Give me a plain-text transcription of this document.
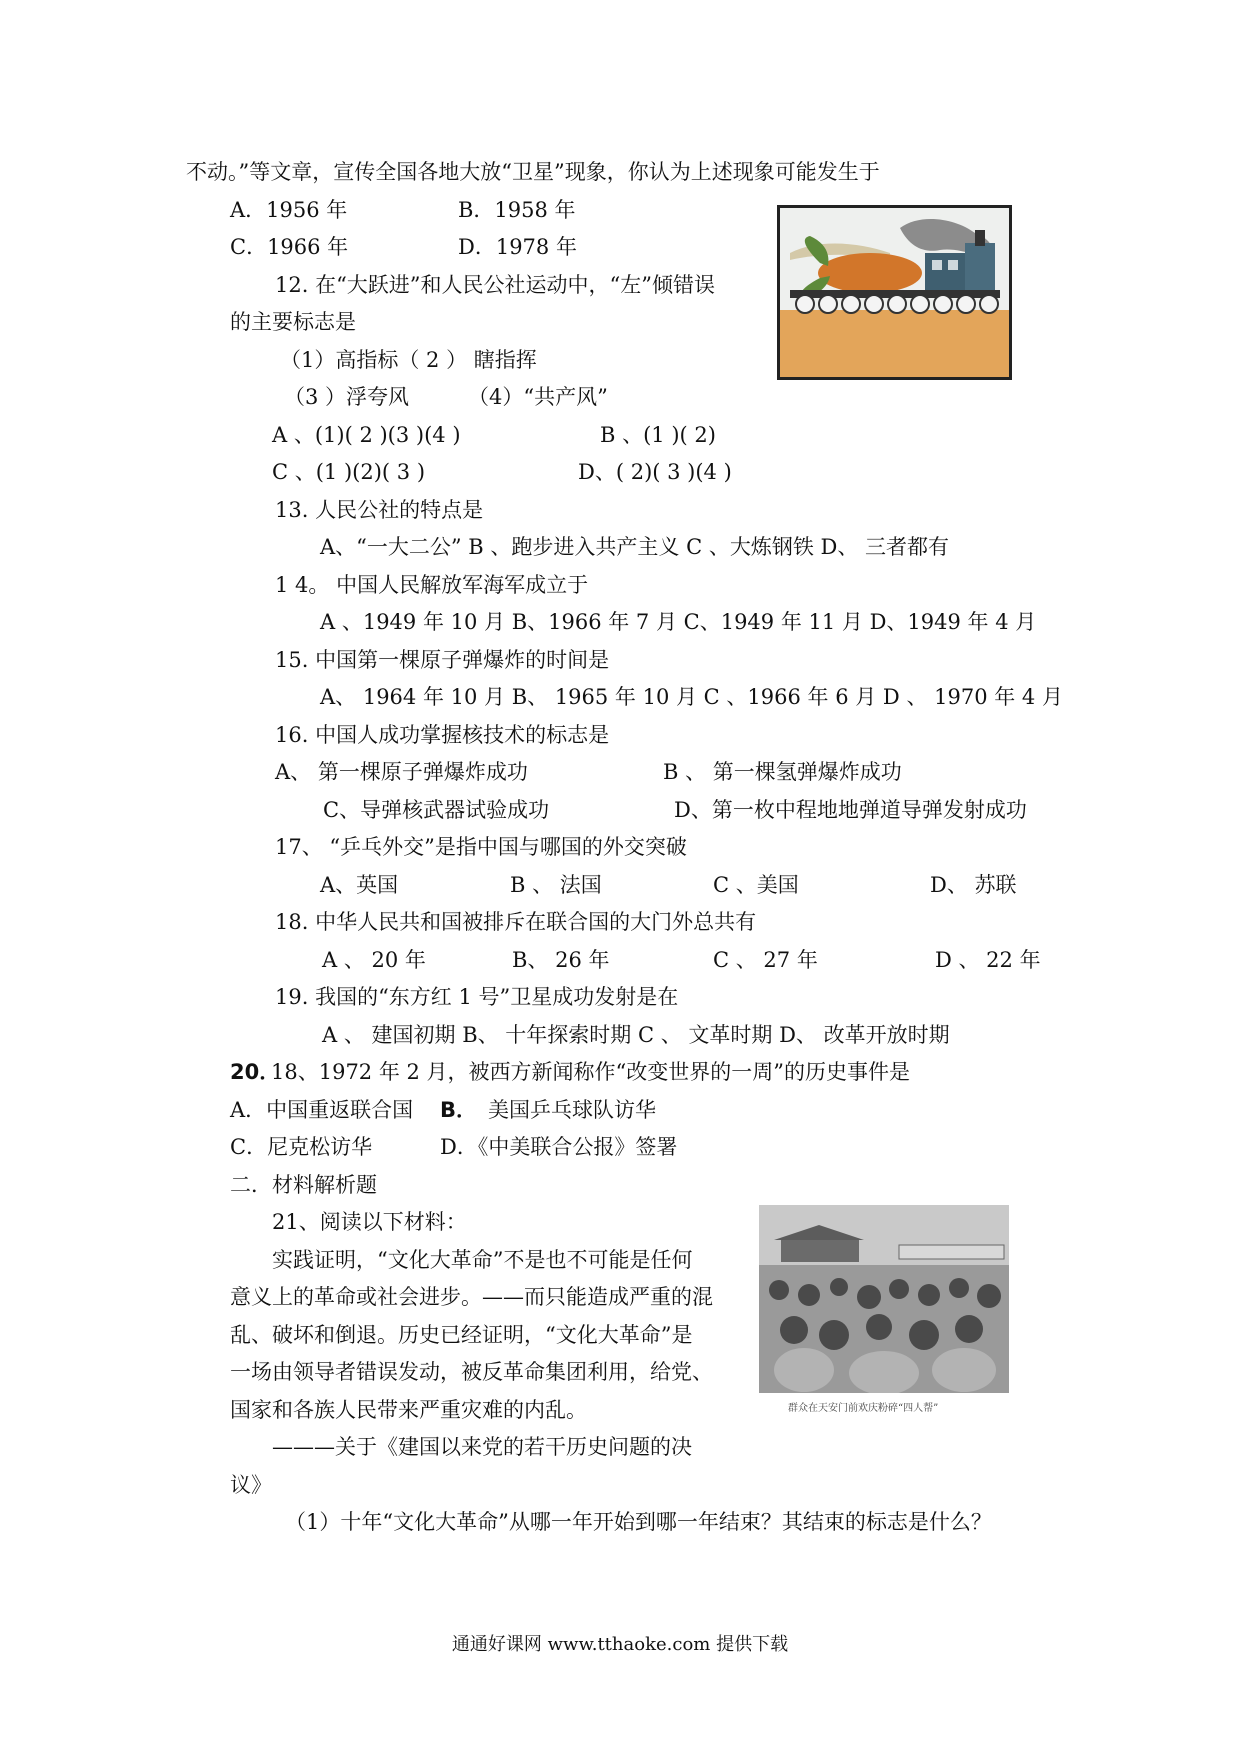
不动。”等文章，宣传全国各地大放“卫星”现象，你认为上述现象可能发生于
A．1956 年	B．1958 年
C．1966 年	D．1978 年
12. 在“大跃进”和人民公社运动中，“左”倾错误
的主要标志是
（1）高指标（ 2 ） 瞎指挥
（3 ）浮夸风	（4）“共产风”
A 、(1)( 2 )(3 )(4 )	B 、(1 )( 2)
C 、(1 )(2)( 3 )	D、( 2)( 3 )(4 )
13. 人民公社的特点是
A、“一大二公” B 、跑步进入共产主义 C 、大炼钢铁 D、 三者都有
1 4。 中国人民解放军海军成立于
A 、1949 年 10 月 B、1966 年 7 月 C、1949 年 11 月 D、1949 年 4 月
15. 中国第一棵原子弹爆炸的时间是
A、 1964 年 10 月 B、 1965 年 10 月 C 、1966 年 6 月 D 、 1970 年 4 月
16. 中国人成功掌握核技术的标志是
A、 第一棵原子弹爆炸成功	B 、 第一棵氢弹爆炸成功
C、导弹核武器试验成功	D、第一枚中程地地弹道导弹发射成功
17、 “乒乓外交”是指中国与哪国的外交突破
A、英国	B 、 法国	C 、美国	D、 苏联
18. 中华人民共和国被排斥在联合国的大门外总共有
A 、 20 年	B、 26 年	C 、 27 年	D 、 22 年
19. 我国的“东方红 1 号”卫星成功发射是在
A 、 建国初期 B、 十年探索时期 C 、 文革时期 D、 改革开放时期
20．
18、1972 年 2 月，被西方新闻称作“改变世界的一周”的历史事件是
A．中国重返联合国 B． 美国乒乓球队访华
C．尼克松访华	D．《中美联合公报》签署
二．材料解析题
21、阅读以下材料：
实践证明，“文化大革命”不是也不可能是任何
意义上的革命或社会进步。——而只能造成严重的混
乱、破坏和倒退。历史已经证明，“文化大革命”是
一场由领导者错误发动，被反革命集团利用，给党、
国家和各族人民带来严重灾难的内乱。
———关于《建国以来党的若干历史问题的决
议》
（1）十年“文化大革命”从哪一年开始到哪一年结束？其结束的标志是什么？
群众在天安门前欢庆粉碎“四人帮”
通通好课网 www.tthaoke.com 提供下载
